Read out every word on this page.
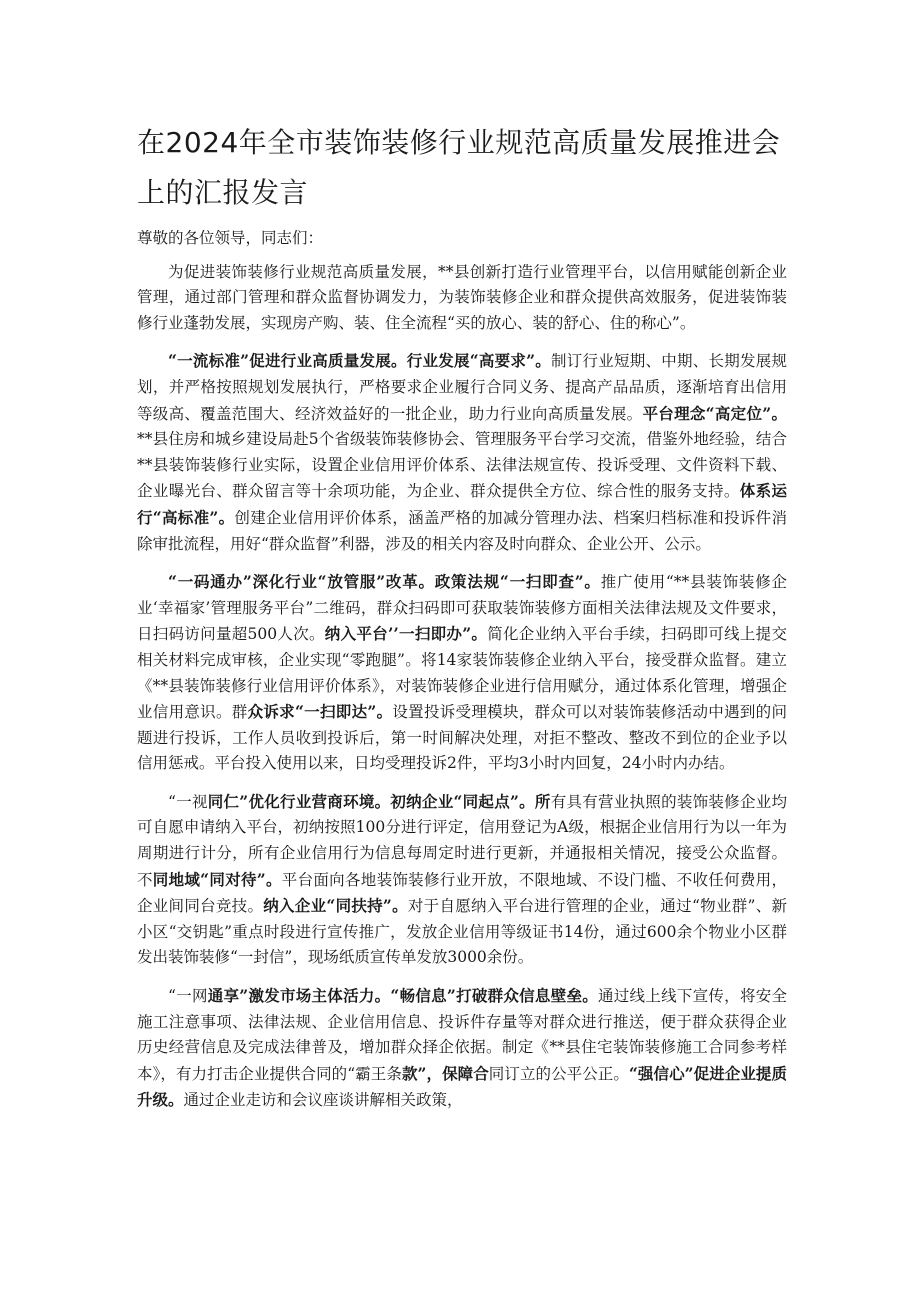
在2024年全市装饰装修行业规范高质量发展推进会
上的汇报发言

尊敬的各位领导，同志们：

为促进装饰装修行业规范高质量发展，**县创新打造行业管理平台，以信用赋能创新企业管理，通过部门管理和群众监督协调发力，为装饰装修企业和群众提供高效服务，促进装饰装修行业蓬勃发展，实现房产购、装、住全流程“买的放心、装的舒心、住的称心”。

“一流标准”促进行业高质量发展。行业发展“高要求”。制订行业短期、中期、长期发展规划，并严格按照规划发展执行，严格要求企业履行合同义务、提高产品品质，逐渐培育出信用等级高、覆盖范围大、经济效益好的一批企业，助力行业向高质量发展。平台理念“高定位”。**县住房和城乡建设局赴5个省级装饰装修协会、管理服务平台学习交流，借鉴外地经验，结合**县装饰装修行业实际，设置企业信用评价体系、法律法规宣传、投诉受理、文件资料下载、企业曝光台、群众留言等十余项功能，为企业、群众提供全方位、综合性的服务支持。体系运行“高标准”。创建企业信用评价体系，涵盖严格的加减分管理办法、档案归档标准和投诉件消除审批流程，用好“群众监督”利器，涉及的相关内容及时向群众、企业公开、公示。

“一码通办”深化行业“放管服”改革。政策法规“一扫即查”。推广使用“**县装饰装修企业‘幸福家’管理服务平台”二维码，群众扫码即可获取装饰装修方面相关法律法规及文件要求，日扫码访问量超500人次。纳入平台’’一扫即办”。简化企业纳入平台手续，扫码即可线上提交相关材料完成审核，企业实现“零跑腿”。将14家装饰装修企业纳入平台，接受群众监督。建立《**县装饰装修行业信用评价体系》，对装饰装修企业进行信用赋分，通过体系化管理，增强企业信用意识。群众诉求“一扫即达”。设置投诉受理模块，群众可以对装饰装修活动中遇到的问题进行投诉，工作人员收到投诉后，第一时间解决处理，对拒不整改、整改不到位的企业予以信用惩戒。平台投入使用以来，日均受理投诉2件，平均3小时内回复，24小时内办结。

“一视同仁”优化行业营商环境。初纳企业“同起点”。所有具有营业执照的装饰装修企业均可自愿申请纳入平台，初纳按照100分进行评定，信用登记为A级，根据企业信用行为以一年为周期进行计分，所有企业信用行为信息每周定时进行更新，并通报相关情况，接受公众监督。不同地域“同对待”。平台面向各地装饰装修行业开放，不限地域、不设门槛、不收任何费用，企业间同台竞技。纳入企业“同扶持”。对于自愿纳入平台进行管理的企业，通过“物业群”、新小区“交钥匙”重点时段进行宣传推广，发放企业信用等级证书14份，通过600余个物业小区群发出装饰装修“一封信”，现场纸质宣传单发放3000余份。

“一网通享”激发市场主体活力。“畅信息”打破群众信息壁垒。通过线上线下宣传，将安全施工注意事项、法律法规、企业信用信息、投诉件存量等对群众进行推送，便于群众获得企业历史经营信息及完成法律普及，增加群众择企依据。制定《**县住宅装饰装修施工合同参考样本》，有力打击企业提供合同的“霸王条款”，保障合同订立的公平公正。“强信心”促进企业提质升级。通过企业走访和会议座谈讲解相关政策，
